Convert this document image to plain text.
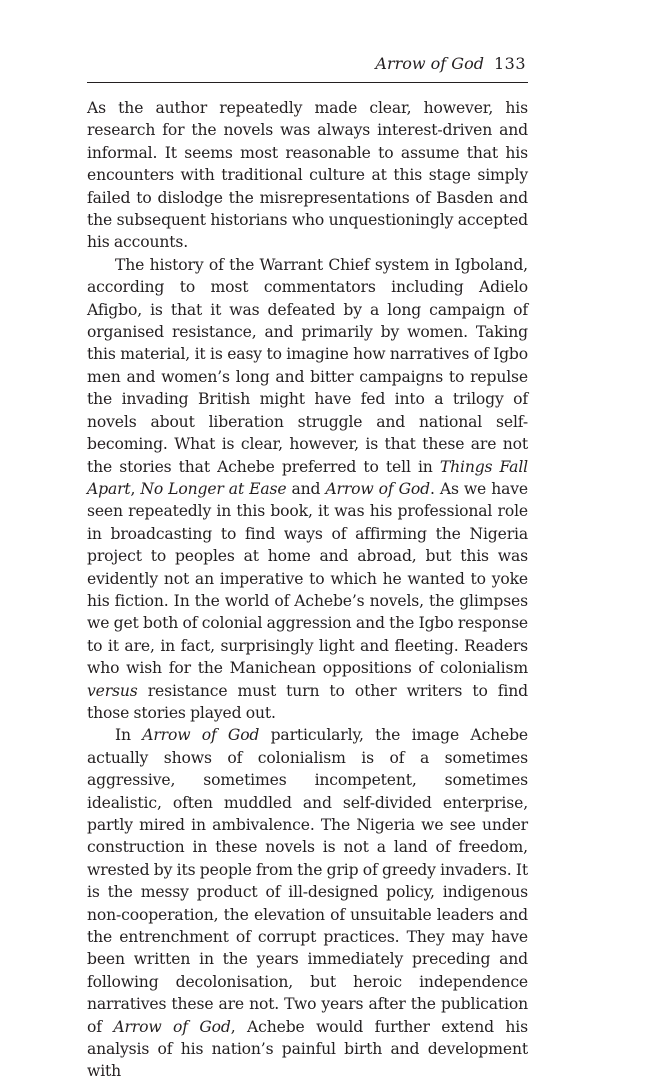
Arrow of God 133

As the author repeatedly made clear, however, his research for the novels was always interest-driven and informal. It seems most reasonable to assume that his encounters with traditional culture at this stage simply failed to dislodge the misrepresentations of Basden and the subsequent historians who unquestioningly accepted his accounts.

The history of the Warrant Chief system in Igboland, according to most commentators including Adielo Afigbo, is that it was defeated by a long campaign of organised resistance, and primarily by women. Taking this material, it is easy to imagine how narratives of Igbo men and women’s long and bitter campaigns to repulse the invading British might have fed into a trilogy of novels about liberation struggle and national self-becoming. What is clear, however, is that these are not the stories that Achebe preferred to tell in Things Fall Apart, No Longer at Ease and Arrow of God. As we have seen repeatedly in this book, it was his professional role in broadcasting to find ways of affirming the Nigeria project to peoples at home and abroad, but this was evidently not an imperative to which he wanted to yoke his fiction. In the world of Achebe’s novels, the glimpses we get both of colonial aggression and the Igbo response to it are, in fact, surprisingly light and fleeting. Readers who wish for the Manichean oppositions of colonialism versus resistance must turn to other writers to find those stories played out.

In Arrow of God particularly, the image Achebe actually shows of colonialism is of a sometimes aggressive, sometimes incompetent, sometimes idealistic, often muddled and self-divided enterprise, partly mired in ambivalence. The Nigeria we see under construction in these novels is not a land of freedom, wrested by its people from the grip of greedy invaders. It is the messy product of ill-designed policy, indigenous non-cooperation, the elevation of unsuitable leaders and the entrenchment of corrupt practices. They may have been written in the years immediately preceding and following decolonisation, but heroic independence narratives these are not. Two years after the publication of Arrow of God, Achebe would further extend his analysis of his nation’s painful birth and development with
